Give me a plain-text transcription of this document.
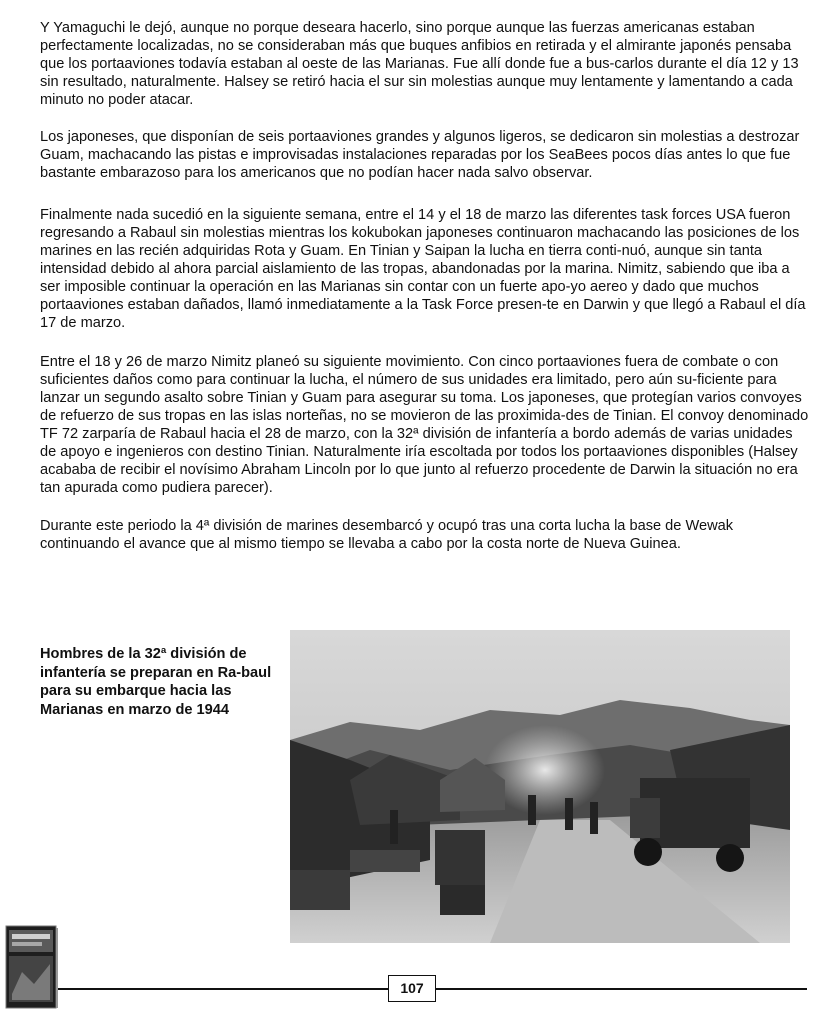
Y Yamaguchi le dejó, aunque no porque deseara hacerlo, sino porque aunque las fuerzas americanas estaban perfectamente localizadas, no se consideraban más que buques anfibios en retirada y el almirante japonés pensaba que los portaaviones todavía estaban al oeste de las Marianas. Fue allí donde fue a bus-carlos durante el día 12 y 13 sin resultado, naturalmente. Halsey se retiró hacia el sur sin molestias aunque muy lentamente y lamentando a cada minuto no poder atacar.

Los japoneses, que disponían de seis portaaviones grandes y algunos ligeros, se dedicaron sin molestias a destrozar Guam, machacando las pistas e improvisadas instalaciones reparadas por los SeaBees pocos días antes lo que fue bastante embarazoso para los americanos que no podían hacer nada salvo observar.

Finalmente nada sucedió en la siguiente semana, entre el 14 y el 18 de marzo las diferentes task forces USA fueron regresando a Rabaul sin molestias mientras los kokubokan japoneses continuaron machacando las posiciones de los marines en las recién adquiridas Rota y Guam. En Tinian y Saipan la lucha en tierra conti-nuó, aunque sin tanta intensidad debido al ahora parcial aislamiento de las tropas, abandonadas por la marina. Nimitz, sabiendo que iba a ser imposible continuar la operación en las Marianas sin contar con un fuerte apo-yo aereo y dado que muchos portaaviones estaban dañados, llamó inmediatamente a la Task Force presen-te en Darwin y que llegó a Rabaul el día 17 de marzo.

Entre el 18 y 26 de marzo Nimitz planeó su siguiente movimiento. Con cinco portaaviones fuera de combate o con suficientes daños como para continuar la lucha, el número de sus unidades era limitado, pero aún su-ficiente para lanzar un segundo asalto sobre Tinian y Guam para asegurar su toma. Los japoneses, que protegían varios convoyes de refuerzo de sus tropas en las islas norteñas, no se movieron de las proximida-des de Tinian. El convoy denominado TF 72 zarparía de Rabaul hacia el 28 de marzo, con la 32ª división de infantería a bordo además de varias unidades de apoyo e ingenieros con destino Tinian. Naturalmente iría escoltada por todos los portaaviones disponibles (Halsey acababa de recibir el novísimo Abraham Lincoln por lo que junto al refuerzo procedente de Darwin la situación no era tan apurada como pudiera parecer).

Durante este periodo la 4ª división de marines desembarcó y ocupó tras una corta lucha la base de Wewak continuando el avance que al mismo tiempo se llevaba a cabo por la costa norte de Nueva Guinea.

Hombres de la 32ª división de infantería se preparan en Ra-baul para su embarque hacia las Marianas en marzo de 1944
107
